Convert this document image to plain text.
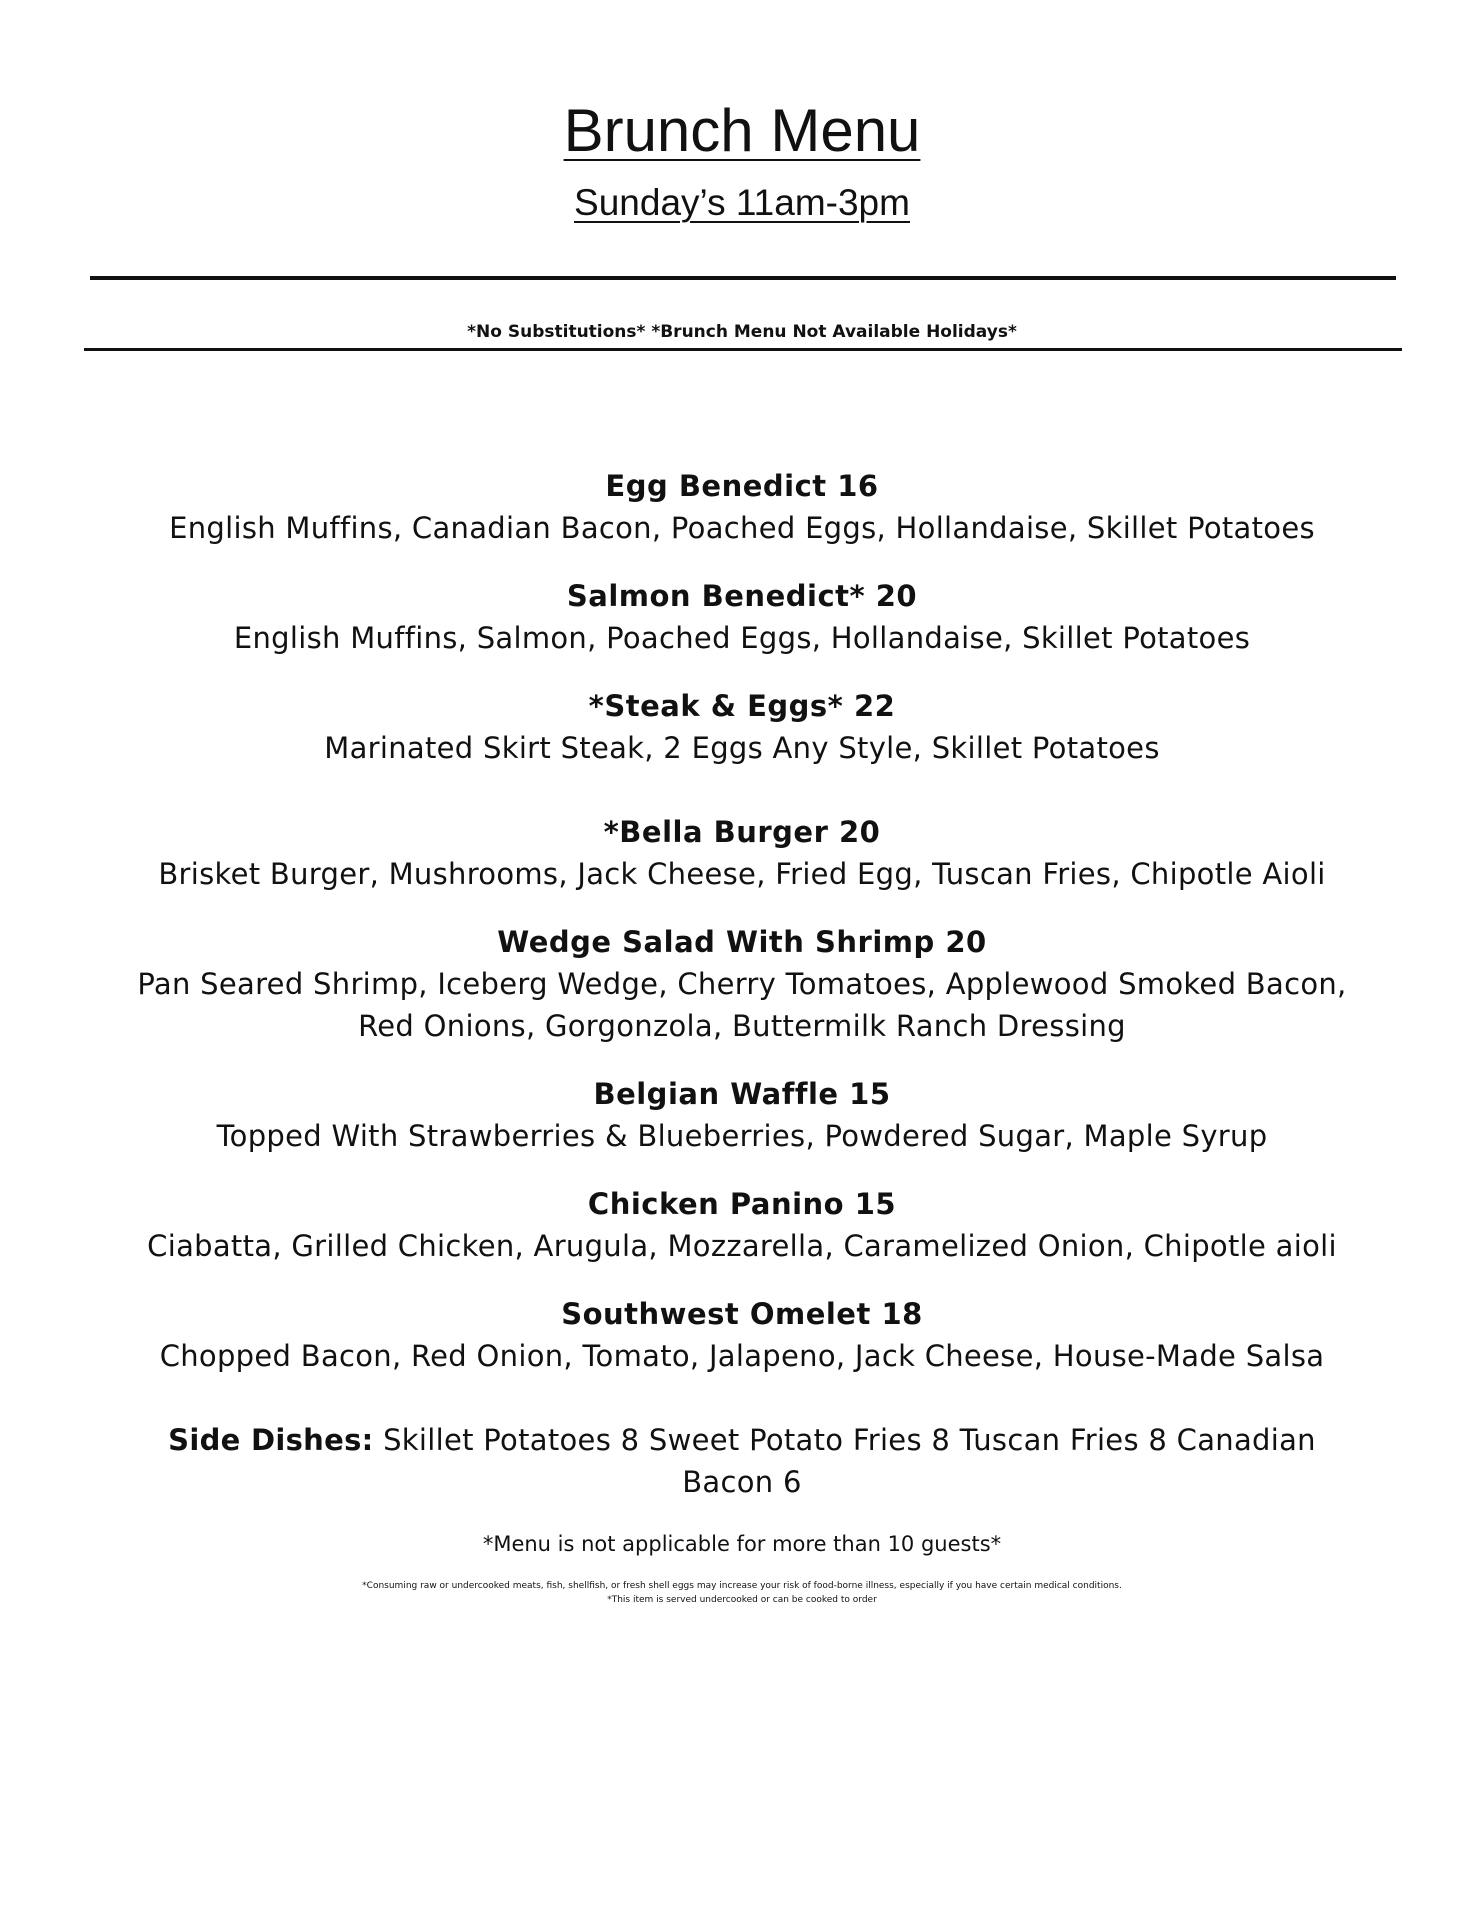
Brunch Menu
Sunday’s 11am-3pm
*No Substitutions* *Brunch Menu Not Available Holidays*
Egg Benedict 16
English Muffins, Canadian Bacon, Poached Eggs, Hollandaise, Skillet Potatoes
Salmon Benedict* 20
English Muffins, Salmon, Poached Eggs, Hollandaise, Skillet Potatoes
*Steak & Eggs* 22
Marinated Skirt Steak, 2 Eggs Any Style, Skillet Potatoes
*Bella Burger 20
Brisket Burger, Mushrooms, Jack Cheese, Fried Egg, Tuscan Fries, Chipotle Aioli
Wedge Salad With Shrimp 20
Pan Seared Shrimp, Iceberg Wedge, Cherry Tomatoes, Applewood Smoked Bacon,
Red Onions, Gorgonzola, Buttermilk Ranch Dressing
Belgian Waffle 15
Topped With Strawberries & Blueberries, Powdered Sugar, Maple Syrup
Chicken Panino 15
Ciabatta, Grilled Chicken, Arugula, Mozzarella, Caramelized Onion, Chipotle aioli
Southwest Omelet 18
Chopped Bacon, Red Onion, Tomato, Jalapeno, Jack Cheese, House-Made Salsa
Side Dishes: Skillet Potatoes 8 Sweet Potato Fries 8 Tuscan Fries 8 Canadian Bacon 6
*Menu is not applicable for more than 10 guests*
*Consuming raw or undercooked meats, fish, shellfish, or fresh shell eggs may increase your risk of food-borne illness, especially if you have certain medical conditions.
*This item is served undercooked or can be cooked to order
